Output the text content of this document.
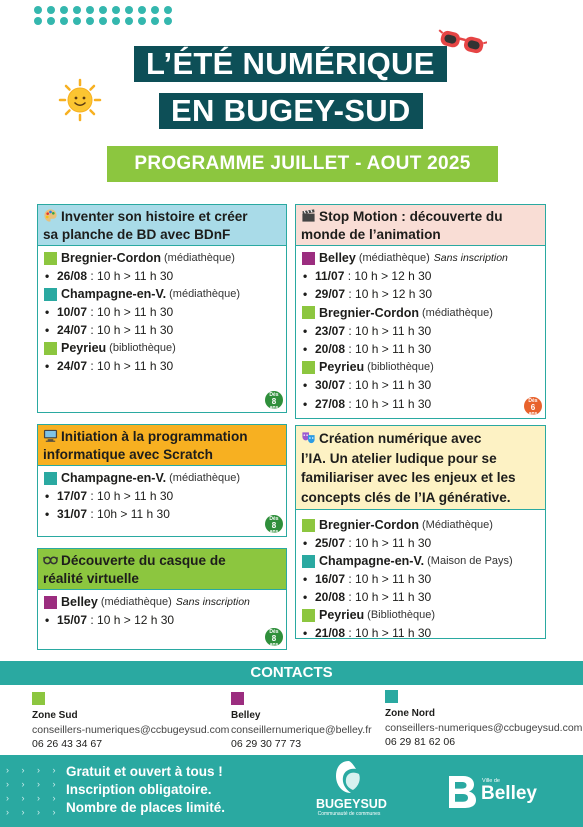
L’ÉTÉ NUMÉRIQUE
EN BUGEY-SUD
PROGRAMME JUILLET - AOUT 2025
Inventer son histoire et créer
sa planche de BD avec BDnF
Bregnier-Cordon (médiathèque)
• 26/08 : 10 h > 11 h 30
Champagne-en-V. (médiathèque)
• 10/07 : 10 h > 11 h 30
• 24/07 : 10 h > 11 h 30
Peyrieu (bibliothèque)
• 24/07 : 10 h > 11 h 30
Dès
8
ans
Stop Motion : découverte du
monde de l’animation
Belley (médiathèque) Sans inscription
• 11/07 : 10 h > 12 h 30
• 29/07 : 10 h > 12 h 30
Bregnier-Cordon (médiathèque)
• 23/07 : 10 h > 11 h 30
• 20/08 : 10 h > 11 h 30
Peyrieu (bibliothèque)
• 30/07 : 10 h > 11 h 30
• 27/08 : 10 h > 11 h 30	Dès
6
ans
Initiation à la programmation
informatique avec Scratch
Champagne-en-V. (médiathèque)
• 17/07 : 10 h > 11 h 30
• 31/07 : 10h > 11 h 30	Dès
8
ans
Découverte du casque de
réalité virtuelle
Belley (médiathèque) Sans inscription
• 15/07 : 10 h > 12 h 30
Dès
8
ans
Création numérique avec
l’IA. Un atelier ludique pour se
familiariser avec les enjeux et les
concepts clés de l’IA générative.
Bregnier-Cordon (Médiathèque)
• 25/07 : 10 h > 11 h 30
Champagne-en-V. (Maison de Pays)
• 16/07 : 10 h > 11 h 30
• 20/08 : 10 h > 11 h 30
Peyrieu (Bibliothèque)
• 21/08 : 10 h > 11 h 30
CONTACTS
Zone Sud
conseillers-numeriques@ccbugeysud.com
06 26 43 34 67
Belley
conseillernumerique@belley.fr
06 29 30 77 73
Zone Nord
conseillers-numeriques@ccbugeysud.com
06 29 81 62 06
› › › ›
› › › ›
› › › ›
› › › ›
Gratuit et ouvert à tous !
Inscription obligatoire.
Nombre de places limité.	BUGEYSUD
Communauté de communes
Ville de
Belley
